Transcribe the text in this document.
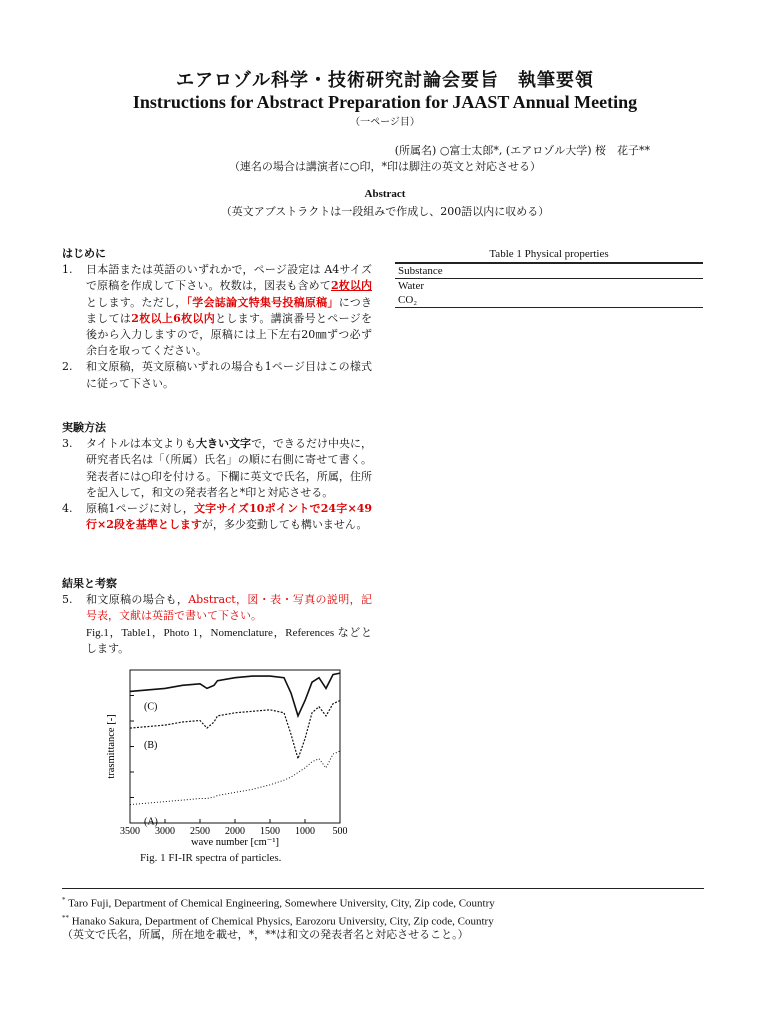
エアロゾル科学・技術研究討論会要旨　執筆要領
Instructions for Abstract Preparation for JAAST Annual Meeting
（一ページ目）
(所属名) ○富士太郎*, (エアロゾル大学) 桜　花子**
（連名の場合は講演者に○印，*印は脚注の英文と対応させる）
Abstract
（英文アブストラクトは一段組みで作成し、200語以内に収める）

はじめに

1.	日本語または英語のいずれかで，ページ設定は A4サイズで原稿を作成して下さい。枚数は，図表も含めて2枚以内とします。ただし，「学会誌論文特集号投稿原稿」につきましては2枚以上6枚以内とします。講演番号とページを後から入力しますので，原稿には上下左右20㎜ずつ必ず余白を取ってください。
2.	和文原稿，英文原稿いずれの場合も1ページ目はこの様式に従って下さい。

実験方法

3.	タイトルは本文よりも大きい文字で，できるだけ中央に，研究者氏名は「（所属）氏名」の順に右側に寄せて書く。発表者には○印を付ける。下欄に英文で氏名，所属，住所を記入して，和文の発表者名と*印と対応させる。
4.	原稿1ページに対し，文字サイズ10ポイントで24字×49行×2段を基準としますが，多少変動しても構いません。

結果と考察

5.	和文原稿の場合も，Abstract，図・表・写真の説明，記号表，文献は英語で書いて下さい。
Fig.1，Table1，Photo 1，Nomenclature，References などとします。
Table 1 Physical properties
Substance
Water
CO₂
3500 3000 2500 2000 1500 1000 500
(C)
(B)
(A)
wave number [cm⁻¹]
trasmittance [-]
Fig. 1 FI-IR spectra of particles.
* Taro Fuji, Department of Chemical Engineering, Somewhere University, City, Zip code, Country
** Hanako Sakura, Department of Chemical Physics, Earozoru University, City, Zip code, Country
（英文で氏名，所属，所在地を載せ，*，**は和文の発表者名と対応させること。）
